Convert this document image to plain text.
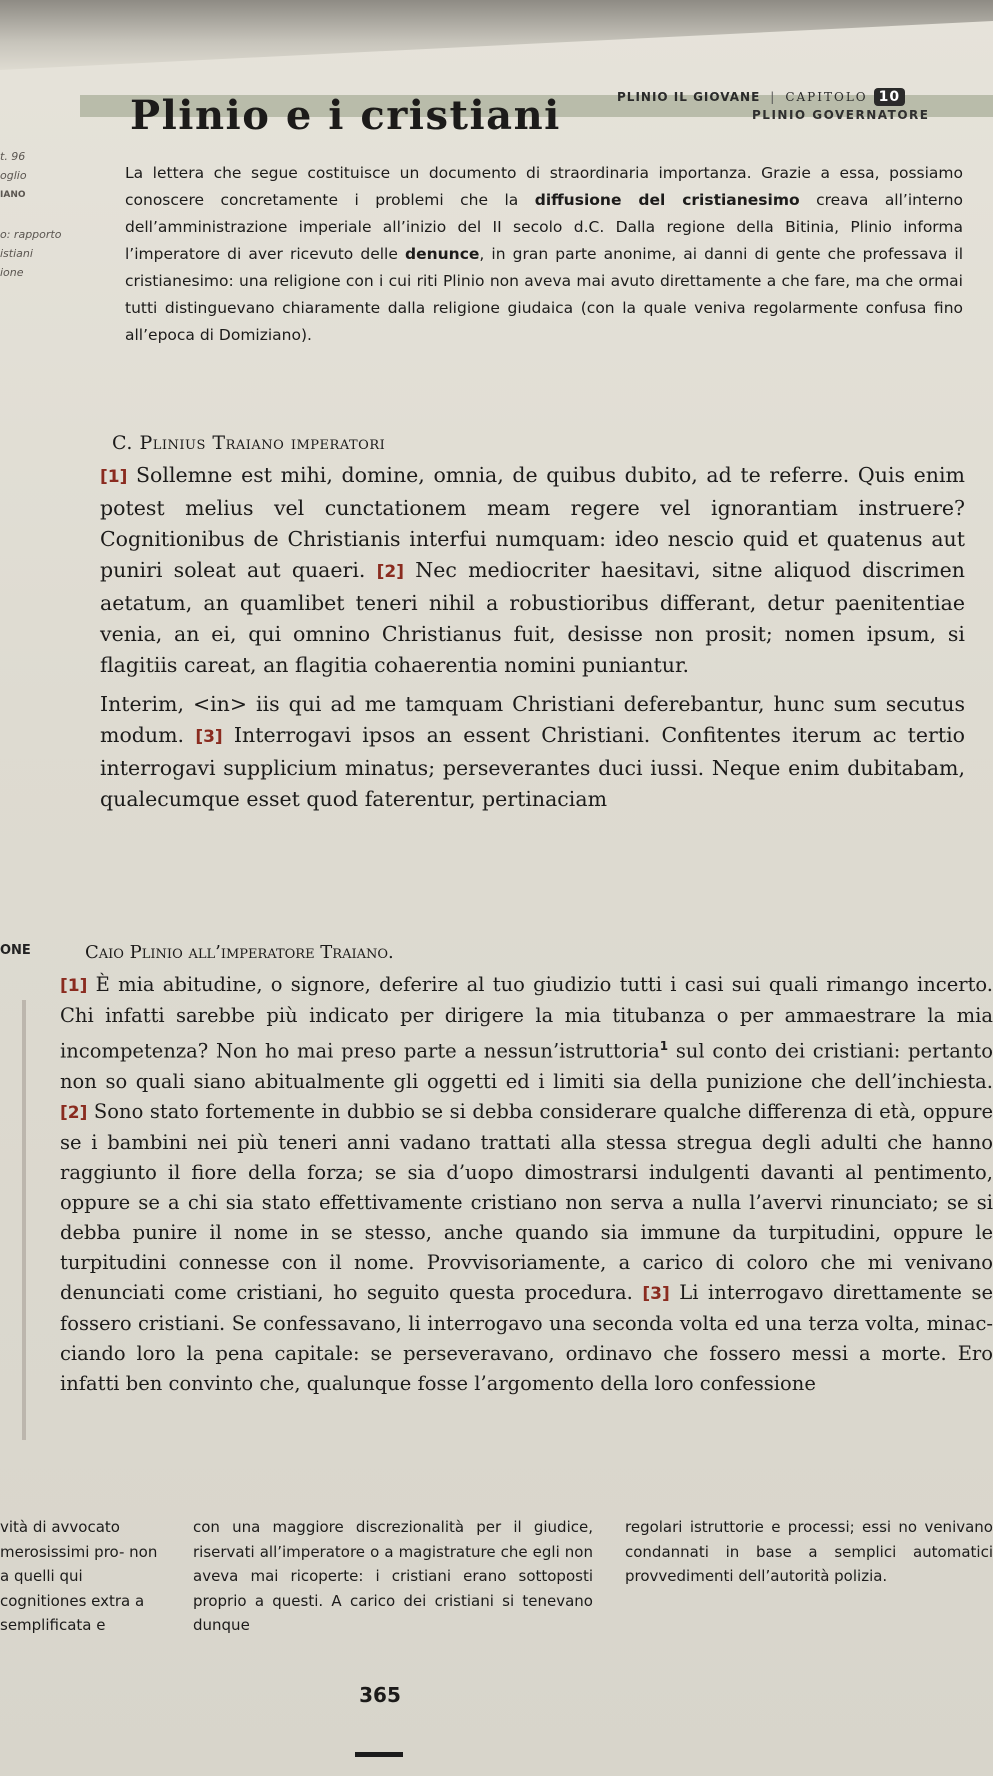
PLINIO IL GIOVANE | CAPITOLO 10
PLINIO GOVERNATORE
Plinio e i cristiani
t. 96
oglio
IANO
o: rapporto
istiani
ione

La lettera che segue costituisce un documento di straordinaria importanza. Grazie a essa, possiamo conoscere concretamente i problemi che la diffusione del cristianesimo creava all’interno dell’amministrazione imperiale all’inizio del II secolo d.C. Dalla regione della Bitinia, Plinio informa l’imperatore di aver ricevuto delle denunce, in gran parte anonime, ai danni di gente che professava il cristianesimo: una religione con i cui riti Plinio non aveva mai avuto direttamente a che fare, ma che ormai tutti distinguevano chiaramente dalla religione giudaica (con la quale veniva regolarmente confusa fino all’epoca di Domiziano).

C. Plinius Traiano imperatori

[1] Sollemne est mihi, domine, omnia, de quibus dubito, ad te referre. Quis enim potest melius vel cunctationem meam regere vel ignorantiam instruere? Cognitionibus de Christianis interfui numquam: ideo nescio quid et quatenus aut puniri soleat aut quaeri. [2] Nec mediocriter haesitavi, sitne aliquod discrimen aetatum, an quamlibet teneri nihil a robustioribus differant, detur paenitentiae venia, an ei, qui omnino Christianus fuit, desisse non prosit; nomen ipsum, si flagitiis careat, an flagitia cohaerentia nomini puniantur.

Interim, <in> iis qui ad me tamquam Christiani deferebantur, hunc sum secutus modum. [3] Interrogavi ipsos an essent Christiani. Confitentes iterum ac tertio interrogavi supplicium minatus; perseverantes duci iussi. Neque enim dubitabam, qualecumque esset quod faterentur, pertinaciam

ONE	Caio Plinio all’imperatore Traiano.

[1] È mia abitudine, o signore, deferire al tuo giudizio tutti i casi sui quali rimango incerto. Chi infatti sarebbe più indicato per dirigere la mia titubanza o per ammaestrare la mia incompetenza? Non ho mai preso parte a nessun’istruttoria$^1$ sul conto dei cristiani: pertanto non so quali siano abitualmente gli oggetti ed i limiti sia della punizione che dell’inchiesta. [2] Sono stato fortemente in dubbio se si debba considerare qualche differenza di età, oppure se i bambini nei più teneri anni vadano trattati alla stessa stregua degli adulti che hanno raggiunto il fiore della forza; se sia d’uopo dimostrarsi indulgenti davanti al pentimento, oppure se a chi sia stato effettivamente cristiano non serva a nulla l’avervi rinunciato; se si debba punire il nome in se stesso, anche quando sia immune da turpitudini, oppure le turpitudini connesse con il nome. Provvisoriamente, a carico di coloro che mi venivano denunciati come cristiani, ho seguito questa procedura. [3] Li interrogavo direttamente se fossero cristiani. Se confessavano, li interrogavo una seconda volta ed una terza volta, minacciando loro la pena capitale: se perseveravano, ordinavo che fossero messi a morte. Ero infatti ben convinto che, qualunque fosse l’argomento della loro confessione

vità di avvocato merosissimi pro- non a quelli qui cognitiones extra a semplificata e

con una maggiore discrezionalità per il giudice, riservati all’imperatore o a magistrature che egli non aveva mai ricoperte: i cristiani erano sottoposti proprio a questi. A carico dei cristiani si tenevano dunque

regolari istruttorie e processi; essi no venivano condannati in base a semplici automatici provvedimenti dell’autorità polizia.

365
